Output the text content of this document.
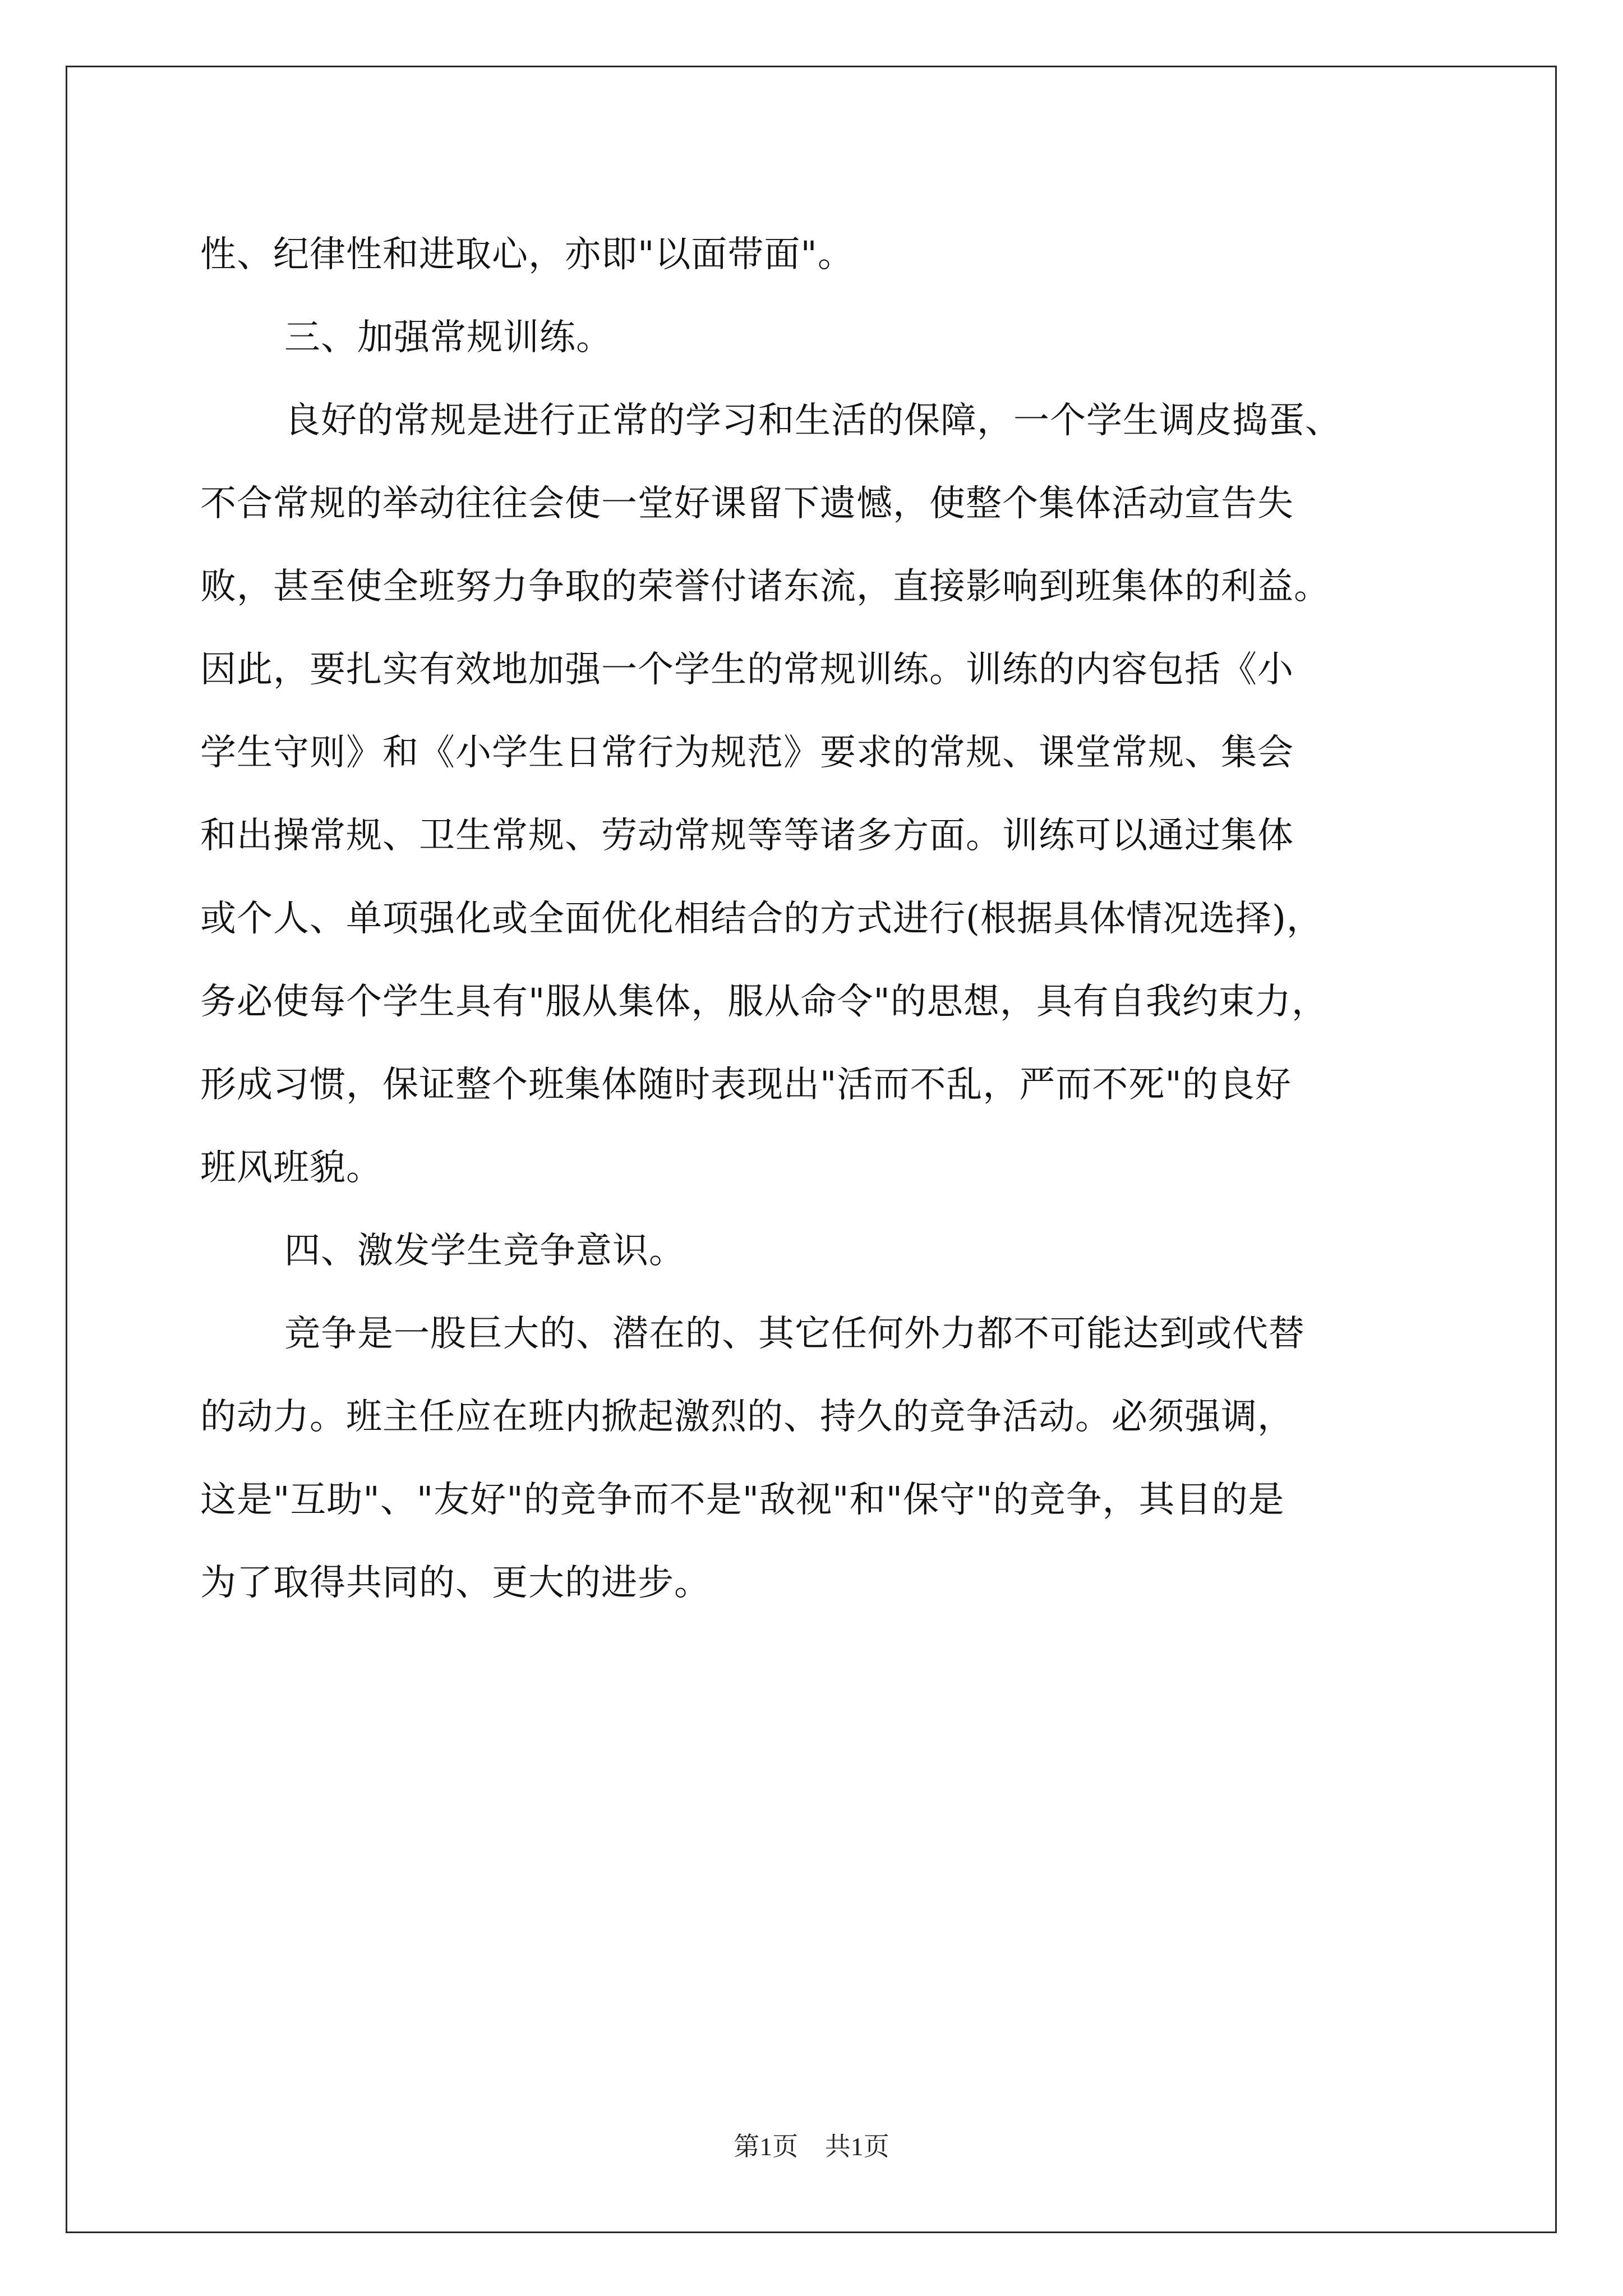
性、纪律性和进取心，亦即"以面带面"。
三、加强常规训练。
良好的常规是进行正常的学习和生活的保障，一个学生调皮捣蛋、
不合常规的举动往往会使一堂好课留下遗憾，使整个集体活动宣告失
败，甚至使全班努力争取的荣誉付诸东流，直接影响到班集体的利益。
因此，要扎实有效地加强一个学生的常规训练。训练的内容包括《小
学生守则》和《小学生日常行为规范》要求的常规、课堂常规、集会
和出操常规、卫生常规、劳动常规等等诸多方面。训练可以通过集体
或个人、单项强化或全面优化相结合的方式进行(根据具体情况选择)，
务必使每个学生具有"服从集体，服从命令"的思想，具有自我约束力，
形成习惯，保证整个班集体随时表现出"活而不乱，严而不死"的良好
班风班貌。
四、激发学生竞争意识。
竞争是一股巨大的、潜在的、其它任何外力都不可能达到或代替
的动力。班主任应在班内掀起激烈的、持久的竞争活动。必须强调，
这是"互助"、"友好"的竞争而不是"敌视"和"保守"的竞争，其目的是
为了取得共同的、更大的进步。
第1页 共1页
